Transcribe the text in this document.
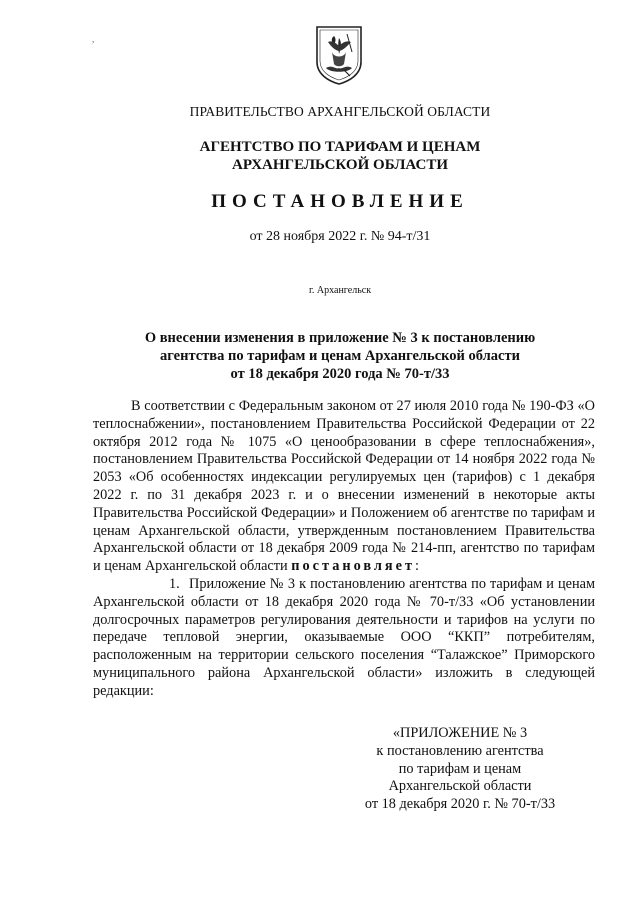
,
ПРАВИТЕЛЬСТВО АРХАНГЕЛЬСКОЙ ОБЛАСТИ
АГЕНТСТВО ПО ТАРИФАМ И ЦЕНАМ
АРХАНГЕЛЬСКОЙ ОБЛАСТИ
ПОСТАНОВЛЕНИЕ
от 28 ноября 2022 г. № 94-т/31
г. Архангельск
О внесении изменения в приложение № 3 к постановлению
агентства по тарифам и ценам Архангельской области
от 18 декабря 2020 года № 70-т/33

В соответствии с Федеральным законом от 27 июля 2010 года № 190-ФЗ «О теплоснабжении», постановлением Правительства Российской Федерации от 22 октября 2012 года № 1075 «О ценообразовании в сфере теплоснабжения», постановлением Правительства Российской Федерации от 14 ноября 2022 года № 2053 «Об особенностях индексации регулируемых цен (тарифов) с 1 декабря 2022 г. по 31 декабря 2023 г. и о внесении изменений в некоторые акты Правительства Российской Федерации» и Положением об агентстве по тарифам и ценам Архангельской области, утвержденным постановлением Правительства Архангельской области от 18 декабря 2009 года № 214-пп, агентство по тарифам и ценам Архангельской области постановляет:

1. Приложение № 3 к постановлению агентства по тарифам и ценам Архангельской области от 18 декабря 2020 года № 70-т/33 «Об установлении долгосрочных параметров регулирования деятельности и тарифов на услуги по передаче тепловой энергии, оказываемые ООО “ККП” потребителям, расположенным на территории сельского поселения “Талажское” Приморского муниципального района Архангельской области» изложить в следующей редакции:

«ПРИЛОЖЕНИЕ № 3
к постановлению агентства
по тарифам и ценам
Архангельской области
от 18 декабря 2020 г. № 70-т/33
